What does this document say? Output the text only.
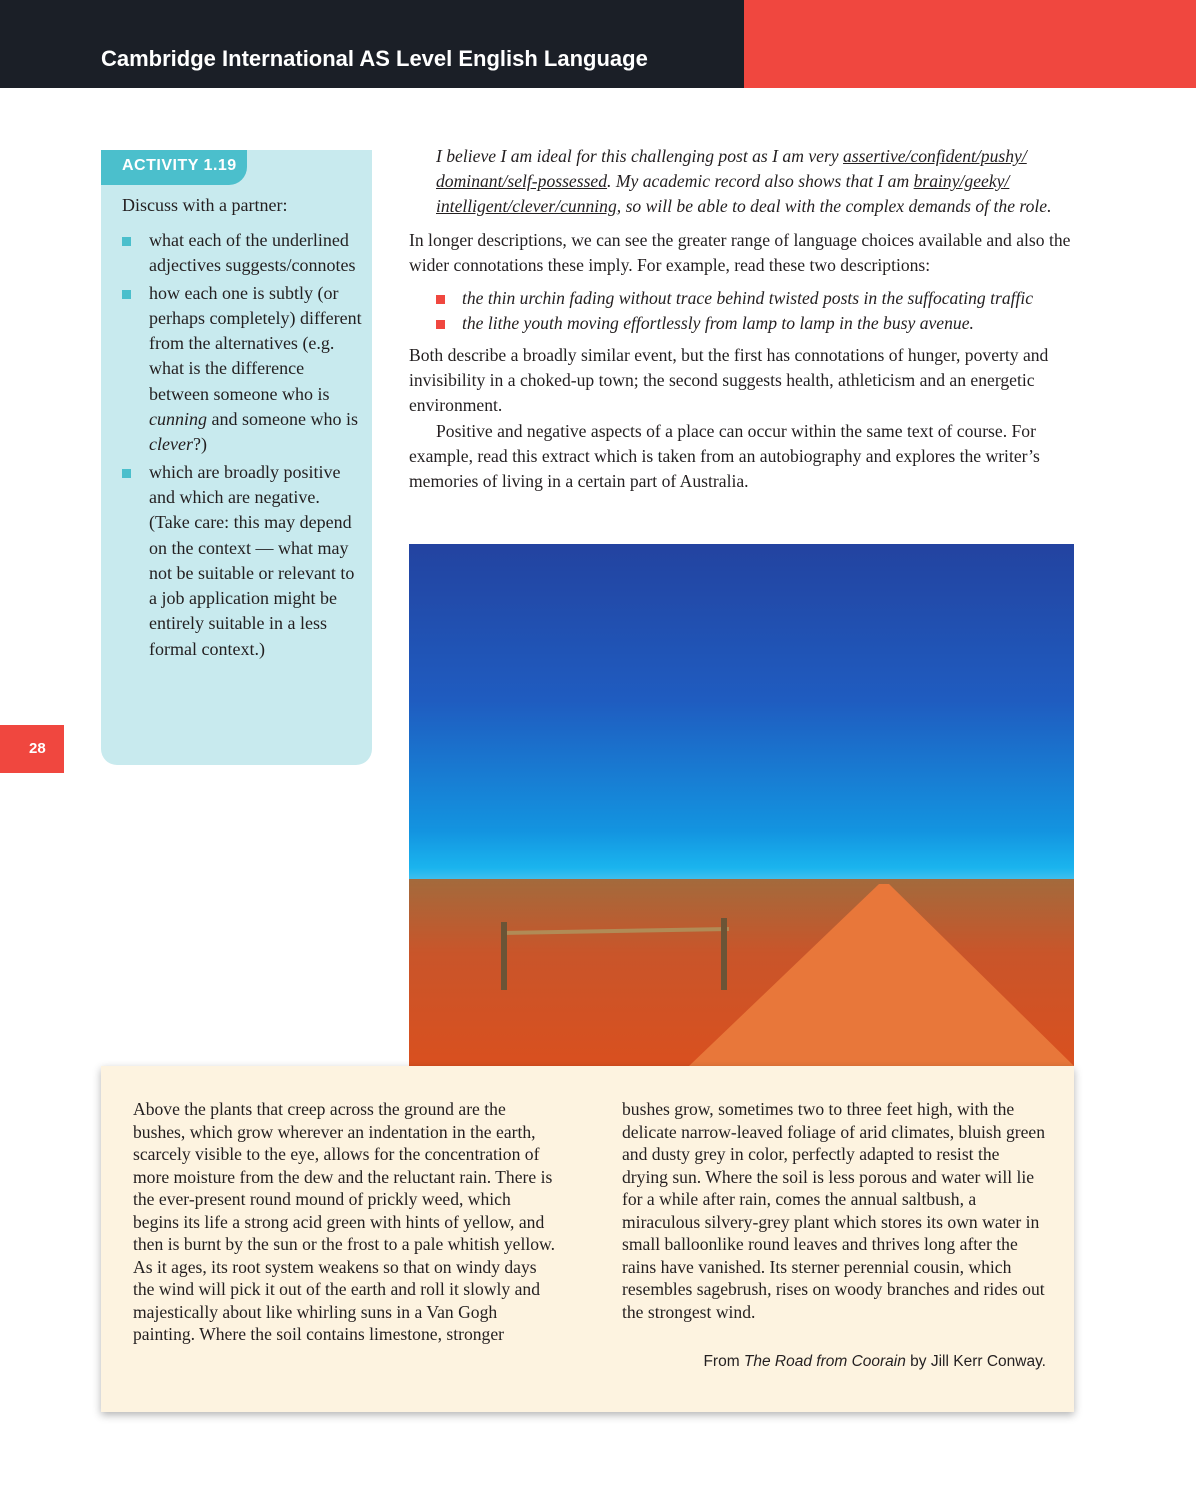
Cambridge International AS Level English Language
ACTIVITY 1.19
Discuss with a partner:
what each of the underlined adjectives suggests/connotes
how each one is subtly (or perhaps completely) different from the alternatives (e.g. what is the difference between someone who is cunning and someone who is clever?)
which are broadly positive and which are negative. (Take care: this may depend on the context — what may not be suitable or relevant to a job application might be entirely suitable in a less formal context.)
28
I believe I am ideal for this challenging post as I am very assertive/confident/pushy/ dominant/self-possessed. My academic record also shows that I am brainy/geeky/ intelligent/clever/cunning, so will be able to deal with the complex demands of the role.

In longer descriptions, we can see the greater range of language choices available and also the wider connotations these imply. For example, read these two descriptions:

the thin urchin fading without trace behind twisted posts in the suffocating traffic
the lithe youth moving effortlessly from lamp to lamp in the busy avenue.

Both describe a broadly similar event, but the first has connotations of hunger, poverty and invisibility in a choked-up town; the second suggests health, athleticism and an energetic environment.

Positive and negative aspects of a place can occur within the same text of course. For example, read this extract which is taken from an autobiography and explores the writer’s memories of living in a certain part of Australia.

Above the plants that creep across the ground are the bushes, which grow wherever an indentation in the earth, scarcely visible to the eye, allows for the concentration of more moisture from the dew and the reluctant rain. There is the ever-present round mound of prickly weed, which begins its life a strong acid green with hints of yellow, and then is burnt by the sun or the frost to a pale whitish yellow. As it ages, its root system weakens so that on windy days the wind will pick it out of the earth and roll it slowly and majestically about like whirling suns in a Van Gogh painting. Where the soil contains limestone, stronger
bushes grow, sometimes two to three feet high, with the delicate narrow-leaved foliage of arid climates, bluish green and dusty grey in color, perfectly adapted to resist the drying sun. Where the soil is less porous and water will lie for a while after rain, comes the annual saltbush, a miraculous silvery-grey plant which stores its own water in small balloonlike round leaves and thrives long after the rains have vanished. Its sterner perennial cousin, which resembles sagebrush, rises on woody branches and rides out the strongest wind.
From The Road from Coorain by Jill Kerr Conway.
